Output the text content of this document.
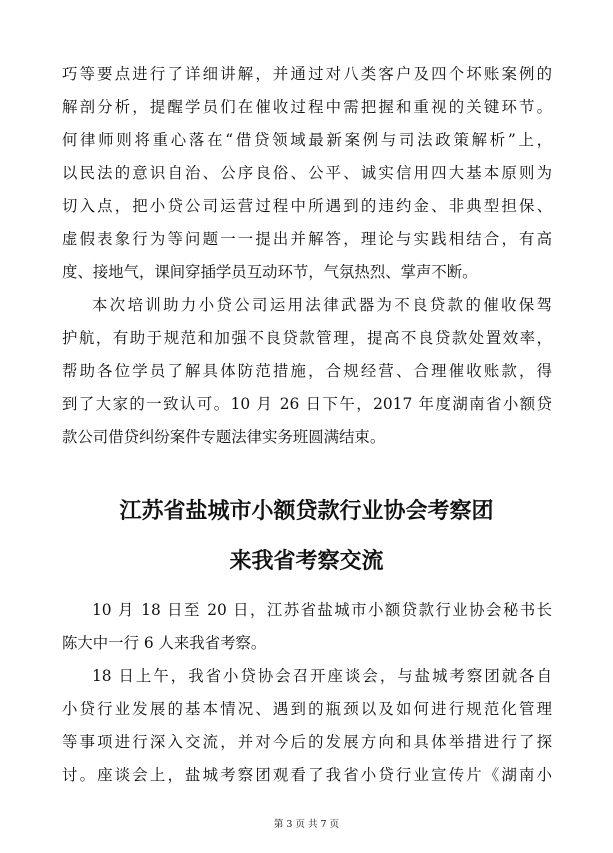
巧等要点进行了详细讲解，并通过对八类客户及四个坏账案例的
解剖分析，提醒学员们在催收过程中需把握和重视的关键环节。
何律师则将重心落在“借贷领域最新案例与司法政策解析”上，
以民法的意识自治、公序良俗、公平、诚实信用四大基本原则为
切入点，把小贷公司运营过程中所遇到的违约金、非典型担保、
虚假表象行为等问题一一提出并解答，理论与实践相结合，有高
度、接地气，课间穿插学员互动环节，气氛热烈、掌声不断。
本次培训助力小贷公司运用法律武器为不良贷款的催收保驾
护航，有助于规范和加强不良贷款管理，提高不良贷款处置效率，
帮助各位学员了解具体防范措施，合规经营、合理催收账款，得
到了大家的一致认可。10 月 26 日下午，2017 年度湖南省小额贷
款公司借贷纠纷案件专题法律实务班圆满结束。
江苏省盐城市小额贷款行业协会考察团
来我省考察交流
10 月 18 日至 20 日，江苏省盐城市小额贷款行业协会秘书长
陈大中一行 6 人来我省考察。
18 日上午，我省小贷协会召开座谈会，与盐城考察团就各自
小贷行业发展的基本情况、遇到的瓶颈以及如何进行规范化管理
等事项进行深入交流，并对今后的发展方向和具体举措进行了探
讨。座谈会上，盐城考察团观看了我省小贷行业宣传片《湖南小
第 3 页 共 7 页
